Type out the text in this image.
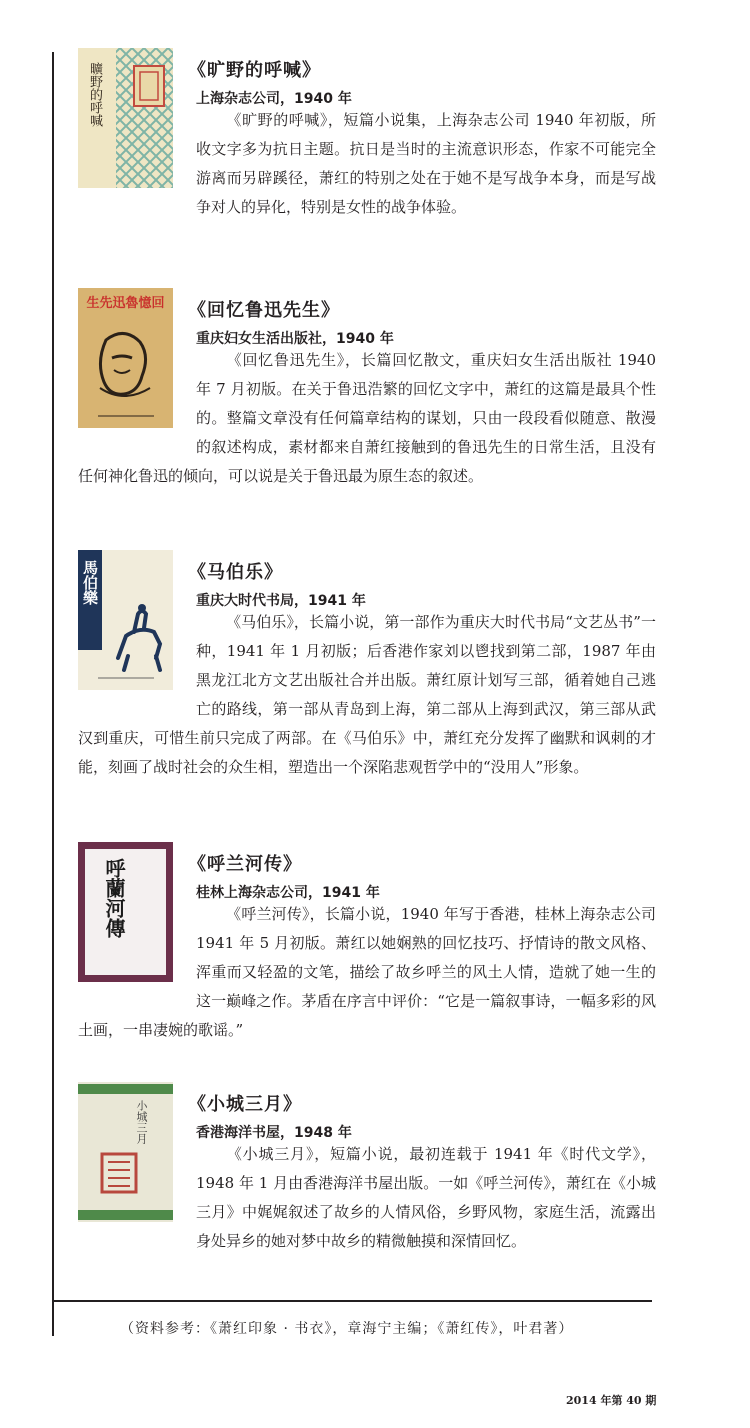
曠野的呼喊	《旷野的呼喊》

上海杂志公司，1940 年

《旷野的呼喊》，短篇小说集，上海杂志公司 1940 年初版，所收文字多为抗日主题。抗日是当时的主流意识形态，作家不可能完全游离而另辟蹊径，萧红的特别之处在于她不是写战争本身，而是写战争对人的异化，特别是女性的战争体验。

回憶魯迅先生	《回忆鲁迅先生》

重庆妇女生活出版社，1940 年

《回忆鲁迅先生》，长篇回忆散文，重庆妇女生活出版社 1940 年 7 月初版。在关于鲁迅浩繁的回忆文字中，萧红的这篇是最具个性的。整篇文章没有任何篇章结构的谋划，只由一段段看似随意、散漫的叙述构成，素材都来自萧红接触到的鲁迅先生的日常生活，且没有任何神化鲁迅的倾向，可以说是关于鲁迅最为原生态的叙述。

馬伯樂	《马伯乐》

重庆大时代书局，1941 年

《马伯乐》，长篇小说，第一部作为重庆大时代书局“文艺丛书”一种，1941 年 1 月初版；后香港作家刘以鬯找到第二部，1987 年由黑龙江北方文艺出版社合并出版。萧红原计划写三部，循着她自己逃亡的路线，第一部从青岛到上海，第二部从上海到武汉，第三部从武汉到重庆，可惜生前只完成了两部。在《马伯乐》中，萧红充分发挥了幽默和讽刺的才能，刻画了战时社会的众生相，塑造出一个深陷悲观哲学中的“没用人”形象。

呼蘭河傳	《呼兰河传》

桂林上海杂志公司，1941 年

《呼兰河传》，长篇小说，1940 年写于香港，桂林上海杂志公司 1941 年 5 月初版。萧红以她娴熟的回忆技巧、抒情诗的散文风格、浑重而又轻盈的文笔，描绘了故乡呼兰的风土人情，造就了她一生的这一巅峰之作。茅盾在序言中评价：“它是一篇叙事诗，一幅多彩的风土画，一串凄婉的歌谣。”

小城三月 《小城三月》

香港海洋书屋，1948 年

《小城三月》，短篇小说，最初连载于 1941 年《时代文学》，1948 年 1 月由香港海洋书屋出版。一如《呼兰河传》，萧红在《小城三月》中娓娓叙述了故乡的人情风俗，乡野风物，家庭生活，流露出身处异乡的她对梦中故乡的精微触摸和深情回忆。

（资料参考：《萧红印象 · 书衣》，章海宁主编；《萧红传》，叶君著）

2014 年第 40 期
